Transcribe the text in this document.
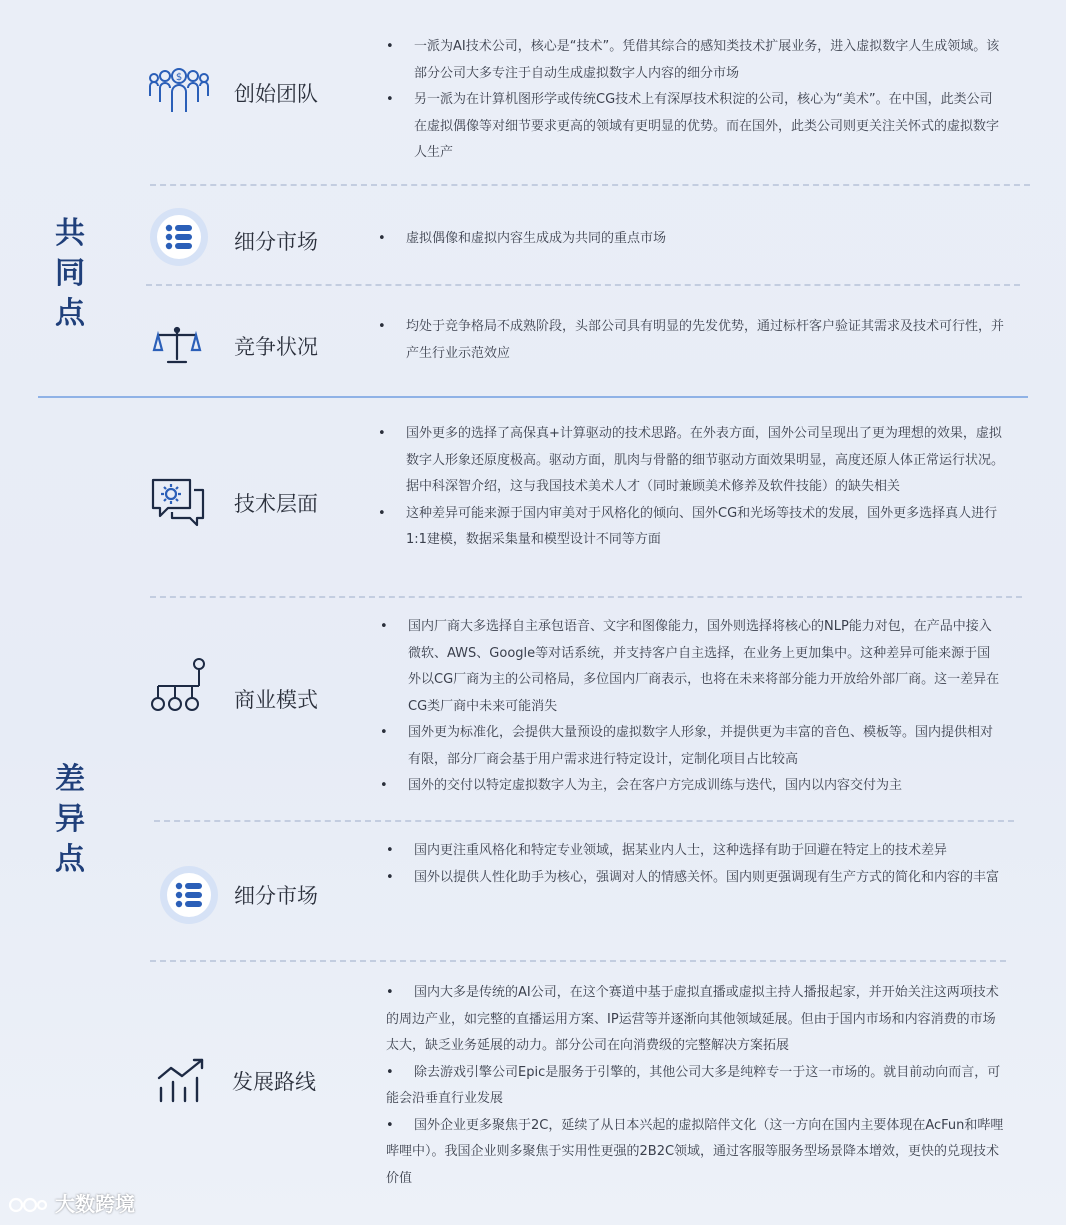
共同点
差异点
$
创始团队
• 一派为AI技术公司，核心是“技术”。凭借其综合的感知类技术扩展业务，进入虚拟数字人生成领域。该部分公司大多专注于自动生成虚拟数字人内容的细分市场
• 另一派为在计算机图形学或传统CG技术上有深厚技术积淀的公司，核心为“美术”。在中国，此类公司在虚拟偶像等对细节要求更高的领域有更明显的优势。而在国外，此类公司则更关注关怀式的虚拟数字人生产
细分市场	• 虚拟偶像和虚拟内容生成成为共同的重点市场
竞争状况
• 均处于竞争格局不成熟阶段，头部公司具有明显的先发优势，通过标杆客户验证其需求及技术可行性，并产生行业示范效应
技术层面
• 国外更多的选择了高保真+计算驱动的技术思路。在外表方面，国外公司呈现出了更为理想的效果，虚拟数字人形象还原度极高。驱动方面，肌肉与骨骼的细节驱动方面效果明显，高度还原人体正常运行状况。据中科深智介绍，这与我国技术美术人才（同时兼顾美术修养及软件技能）的缺失相关
• 这种差异可能来源于国内审美对于风格化的倾向、国外CG和光场等技术的发展，国外更多选择真人进行1:1建模，数据采集量和模型设计不同等方面
商业模式
• 国内厂商大多选择自主承包语音、文字和图像能力，国外则选择将核心的NLP能力对包，在产品中接入微软、AWS、Google等对话系统，并支持客户自主选择，在业务上更加集中。这种差异可能来源于国外以CG厂商为主的公司格局，多位国内厂商表示，也将在未来将部分能力开放给外部厂商。这一差异在CG类厂商中未来可能消失
• 国外更为标准化，会提供大量预设的虚拟数字人形象，并提供更为丰富的音色、模板等。国内提供相对有限，部分厂商会基于用户需求进行特定设计，定制化项目占比较高
• 国外的交付以特定虚拟数字人为主，会在客户方完成训练与迭代，国内以内容交付为主
细分市场
• 国内更注重风格化和特定专业领域，据某业内人士，这种选择有助于回避在特定上的技术差异
• 国外以提供人性化助手为核心，强调对人的情感关怀。国内则更强调现有生产方式的简化和内容的丰富
发展路线
• 国内大多是传统的AI公司，在这个赛道中基于虚拟直播或虚拟主持人播报起家，并开始关注这两项技术的周边产业，如完整的直播运用方案、IP运营等并逐渐向其他领域延展。但由于国内市场和内容消费的市场太大，缺乏业务延展的动力。部分公司在向消费级的完整解决方案拓展
• 除去游戏引擎公司Epic是服务于引擎的，其他公司大多是纯粹专一于这一市场的。就目前动向而言，可能会沿垂直行业发展
• 国外企业更多聚焦于2C，延续了从日本兴起的虚拟陪伴文化（这一方向在国内主要体现在AcFun和哔哩哔哩中）。我国企业则多聚焦于实用性更强的2B2C领域，通过客服等服务型场景降本增效，更快的兑现技术价值
大数跨境
